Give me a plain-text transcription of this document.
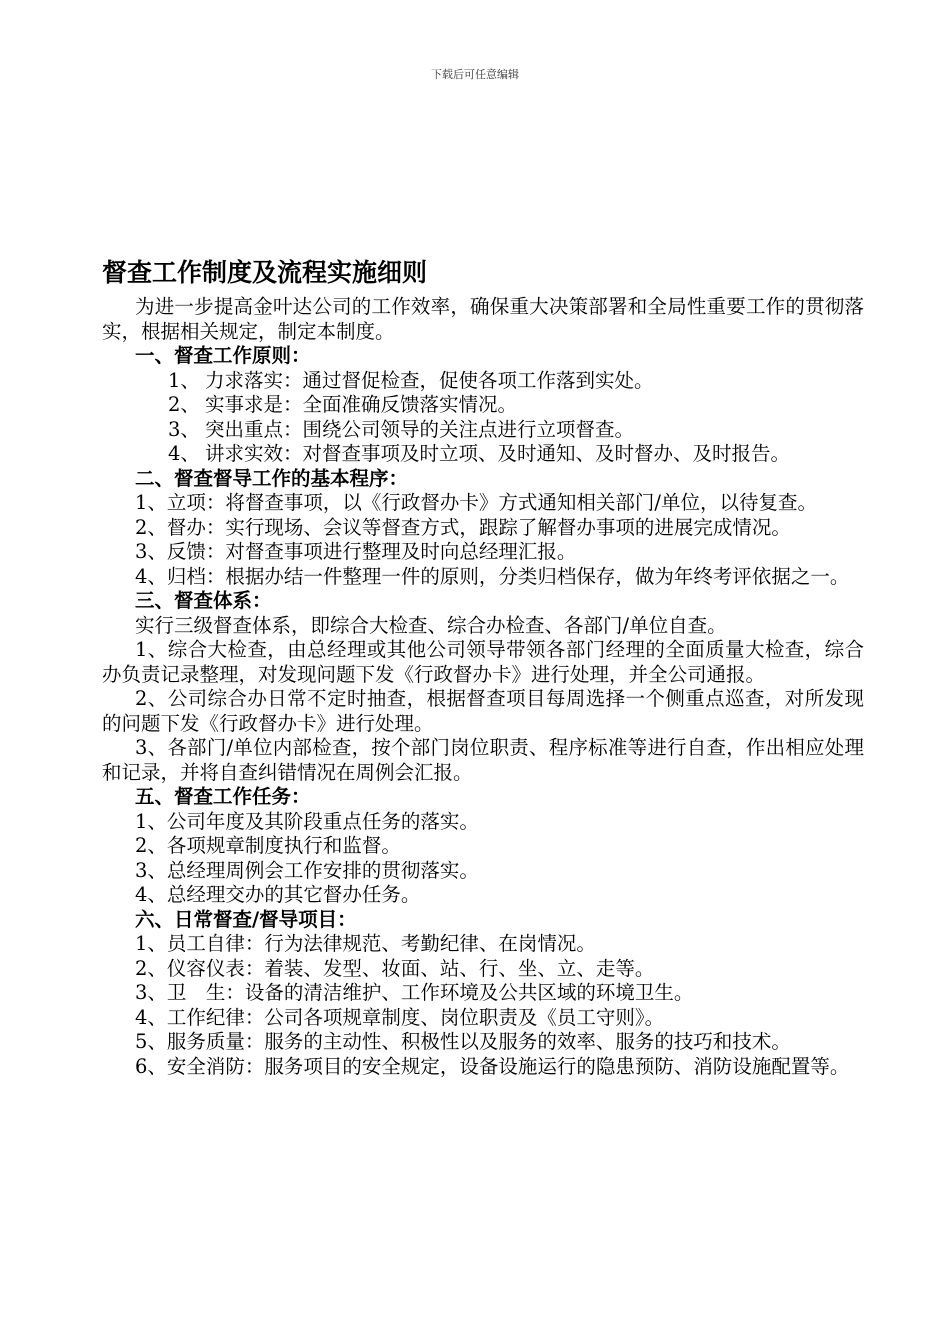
下载后可任意编辑
督查工作制度及流程实施细则

为进一步提高金叶达公司的工作效率，确保重大决策部署和全局性重要工作的贯彻落实，根据相关规定，制定本制度。

一、督查工作原则：

1、 力求落实：通过督促检查，促使各项工作落到实处。

2、 实事求是：全面准确反馈落实情况。

3、 突出重点：围绕公司领导的关注点进行立项督查。

4、 讲求实效：对督查事项及时立项、及时通知、及时督办、及时报告。

二、督查督导工作的基本程序：

1、立项：将督查事项，以《行政督办卡》方式通知相关部门/单位，以待复查。

2、督办：实行现场、会议等督查方式，跟踪了解督办事项的进展完成情况。

3、反馈：对督查事项进行整理及时向总经理汇报。

4、归档：根据办结一件整理一件的原则，分类归档保存，做为年终考评依据之一。

三、督查体系：

实行三级督查体系，即综合大检查、综合办检查、各部门/单位自查。

1、综合大检查，由总经理或其他公司领导带领各部门经理的全面质量大检查，综合办负责记录整理，对发现问题下发《行政督办卡》进行处理，并全公司通报。

2、公司综合办日常不定时抽查，根据督查项目每周选择一个侧重点巡查，对所发现的问题下发《行政督办卡》进行处理。

3、各部门/单位内部检查，按个部门岗位职责、程序标准等进行自查，作出相应处理和记录，并将自查纠错情况在周例会汇报。

五、督查工作任务：

1、公司年度及其阶段重点任务的落实。

2、各项规章制度执行和监督。

3、总经理周例会工作安排的贯彻落实。

4、总经理交办的其它督办任务。

六、日常督查/督导项目：

1、员工自律：行为法律规范、考勤纪律、在岗情况。

2、仪容仪表：着装、发型、妆面、站、行、坐、立、走等。

3、卫　生：设备的清洁维护、工作环境及公共区域的环境卫生。

4、工作纪律：公司各项规章制度、岗位职责及《员工守则》。

5、服务质量：服务的主动性、积极性以及服务的效率、服务的技巧和技术。

6、安全消防：服务项目的安全规定，设备设施运行的隐患预防、消防设施配置等。
